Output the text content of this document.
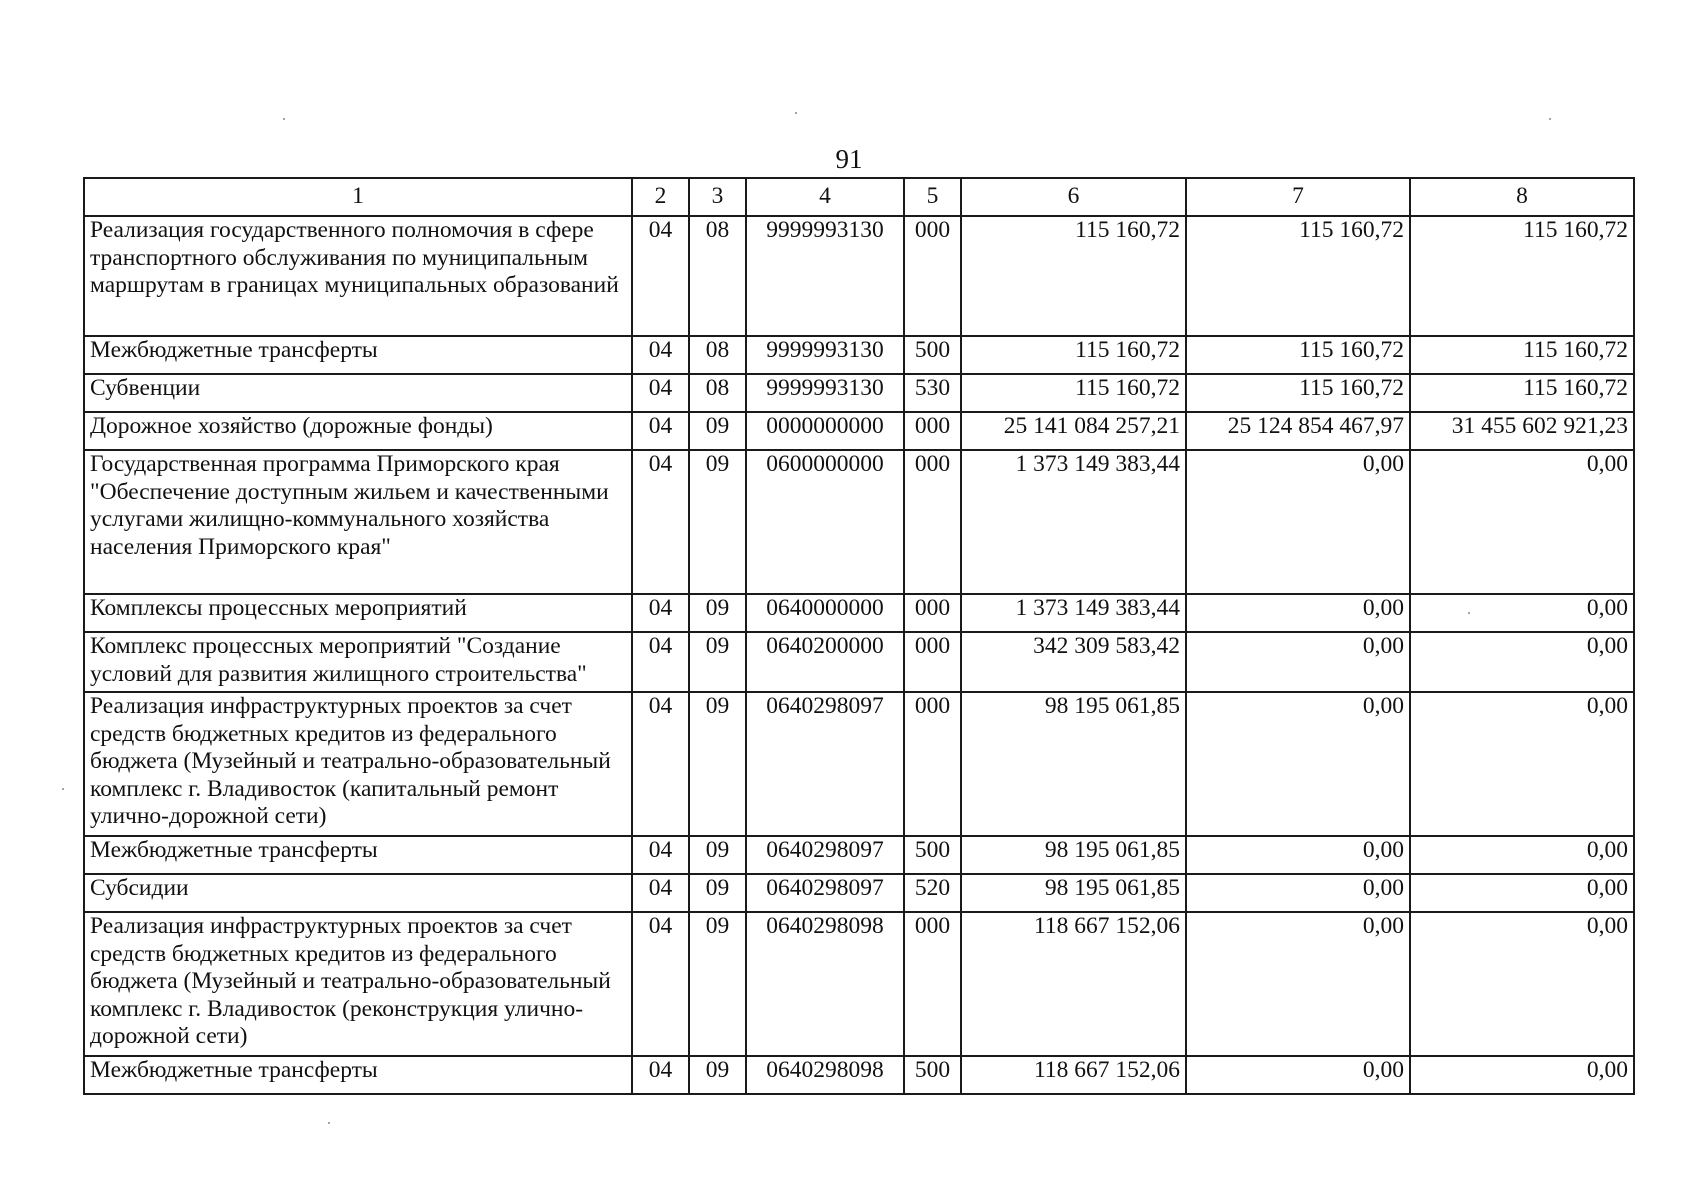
91
1	2	3	4	5	6	7	8
Реализация государственного полномочия в сфере транспортного обслуживания по муниципальным маршрутам в границах муниципальных образований	04	08	9999993130	000	115 160,72	115 160,72	115 160,72
Межбюджетные трансферты	04	08	9999993130	500	115 160,72	115 160,72	115 160,72
Субвенции	04	08	9999993130	530	115 160,72	115 160,72	115 160,72
Дорожное хозяйство (дорожные фонды)	04	09	0000000000	000	25 141 084 257,21	25 124 854 467,97	31 455 602 921,23
Государственная программа Приморского края "Обеспечение доступным жильем и качественными услугами жилищно-коммунального хозяйства населения Приморского края"	04	09	0600000000	000	1 373 149 383,44	0,00	0,00
Комплексы процессных мероприятий	04	09	0640000000	000	1 373 149 383,44	0,00	0,00
Комплекс процессных мероприятий "Создание условий для развития жилищного строительства"	04	09	0640200000	000	342 309 583,42	0,00	0,00
Реализация инфраструктурных проектов за счет средств бюджетных кредитов из федерального бюджета (Музейный и театрально-образовательный комплекс г. Владивосток (капитальный ремонт улично-дорожной сети)	04	09	0640298097	000	98 195 061,85	0,00	0,00
Межбюджетные трансферты	04	09	0640298097	500	98 195 061,85	0,00	0,00
Субсидии	04	09	0640298097	520	98 195 061,85	0,00	0,00
Реализация инфраструктурных проектов за счет средств бюджетных кредитов из федерального бюджета (Музейный и театрально-образовательный комплекс г. Владивосток (реконструкция улично-дорожной сети)	04	09	0640298098	000	118 667 152,06	0,00	0,00
Межбюджетные трансферты	04	09	0640298098	500	118 667 152,06	0,00	0,00
